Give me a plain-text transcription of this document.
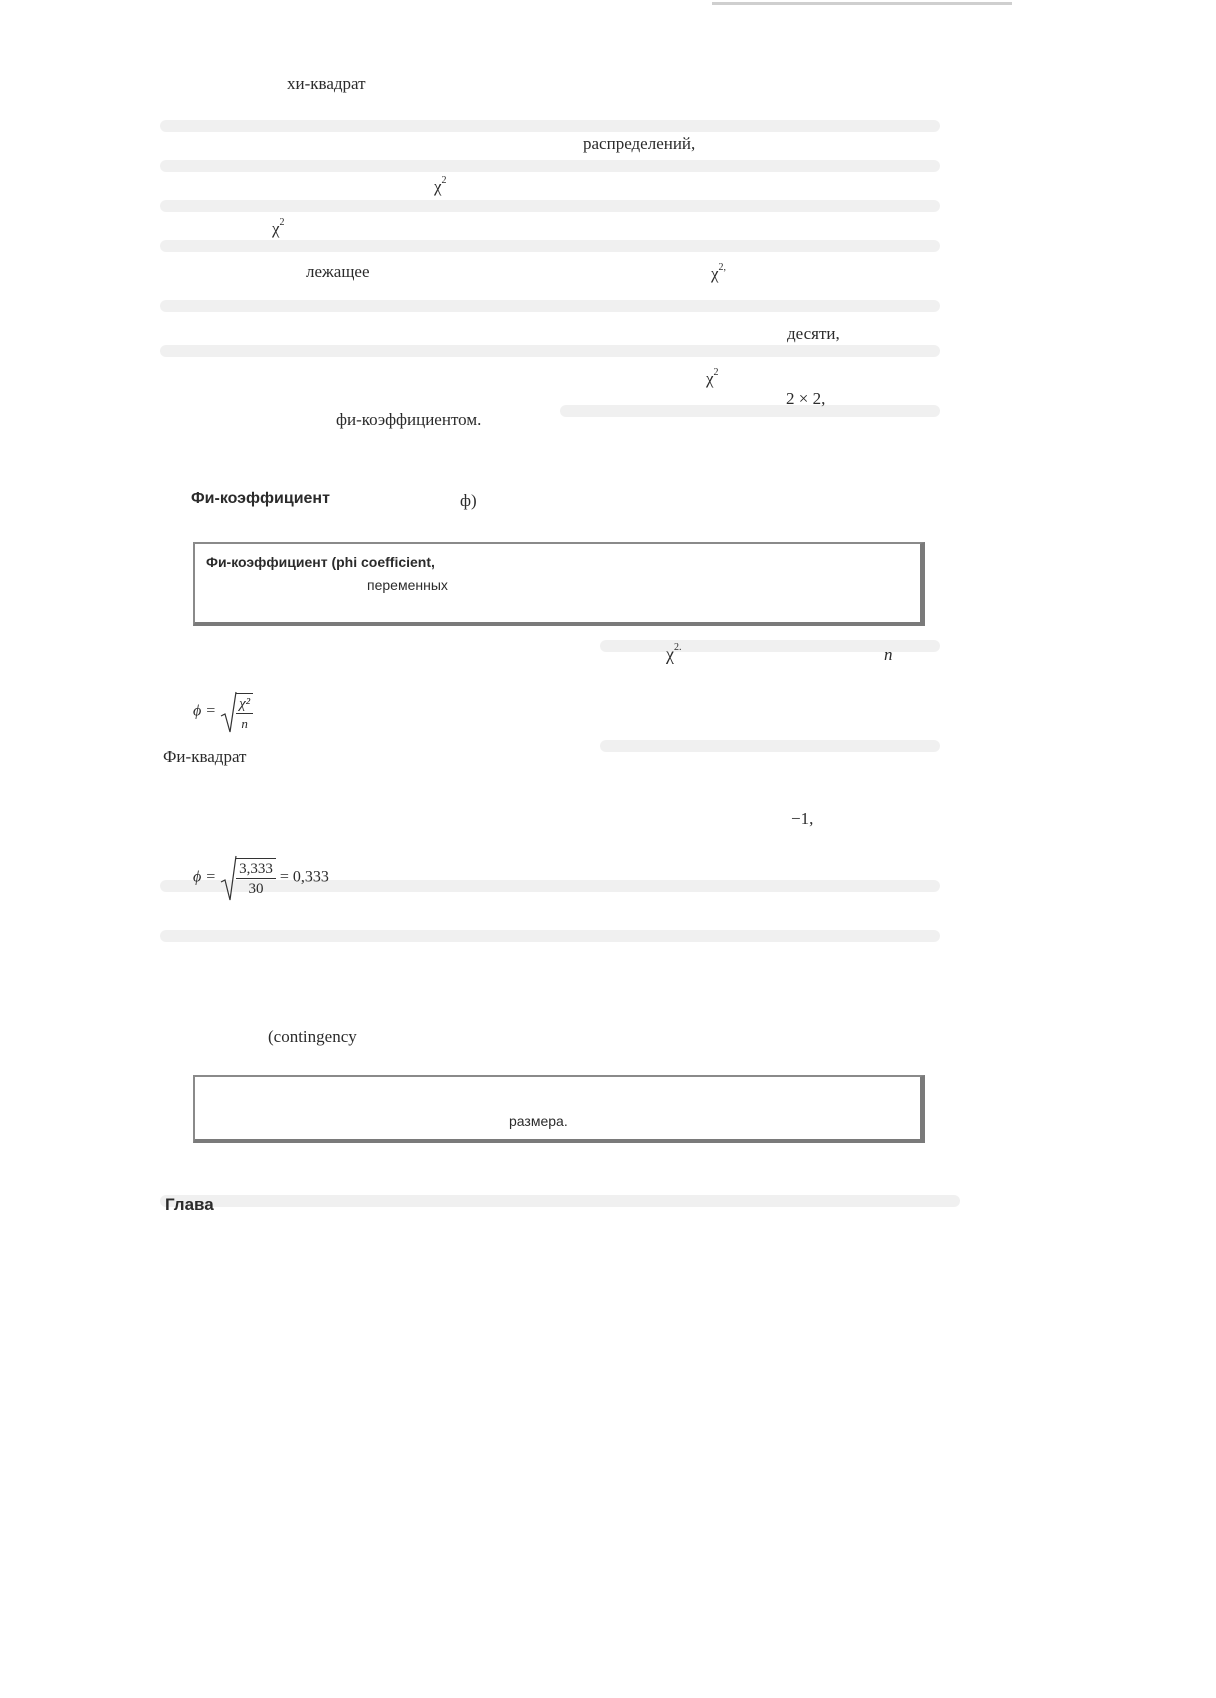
хи-квадрат
распределений,
$\chi^2$
$\chi^2$
лежащее	$\chi^{2,}$
десяти,
$\chi^2$
2 × 2,
фи-коэффициентом.
Фи-коэффициент	ф)
Фи-коэффициент (phi coefficient,
переменных
$\chi^{2.}$	n
$\phi = \frac{\text{χ²}}{n}$
Фи-квадрат
−1,
$\phi = \frac{3,333}{30} = 0,333$
(contingency
размера.
Глава
